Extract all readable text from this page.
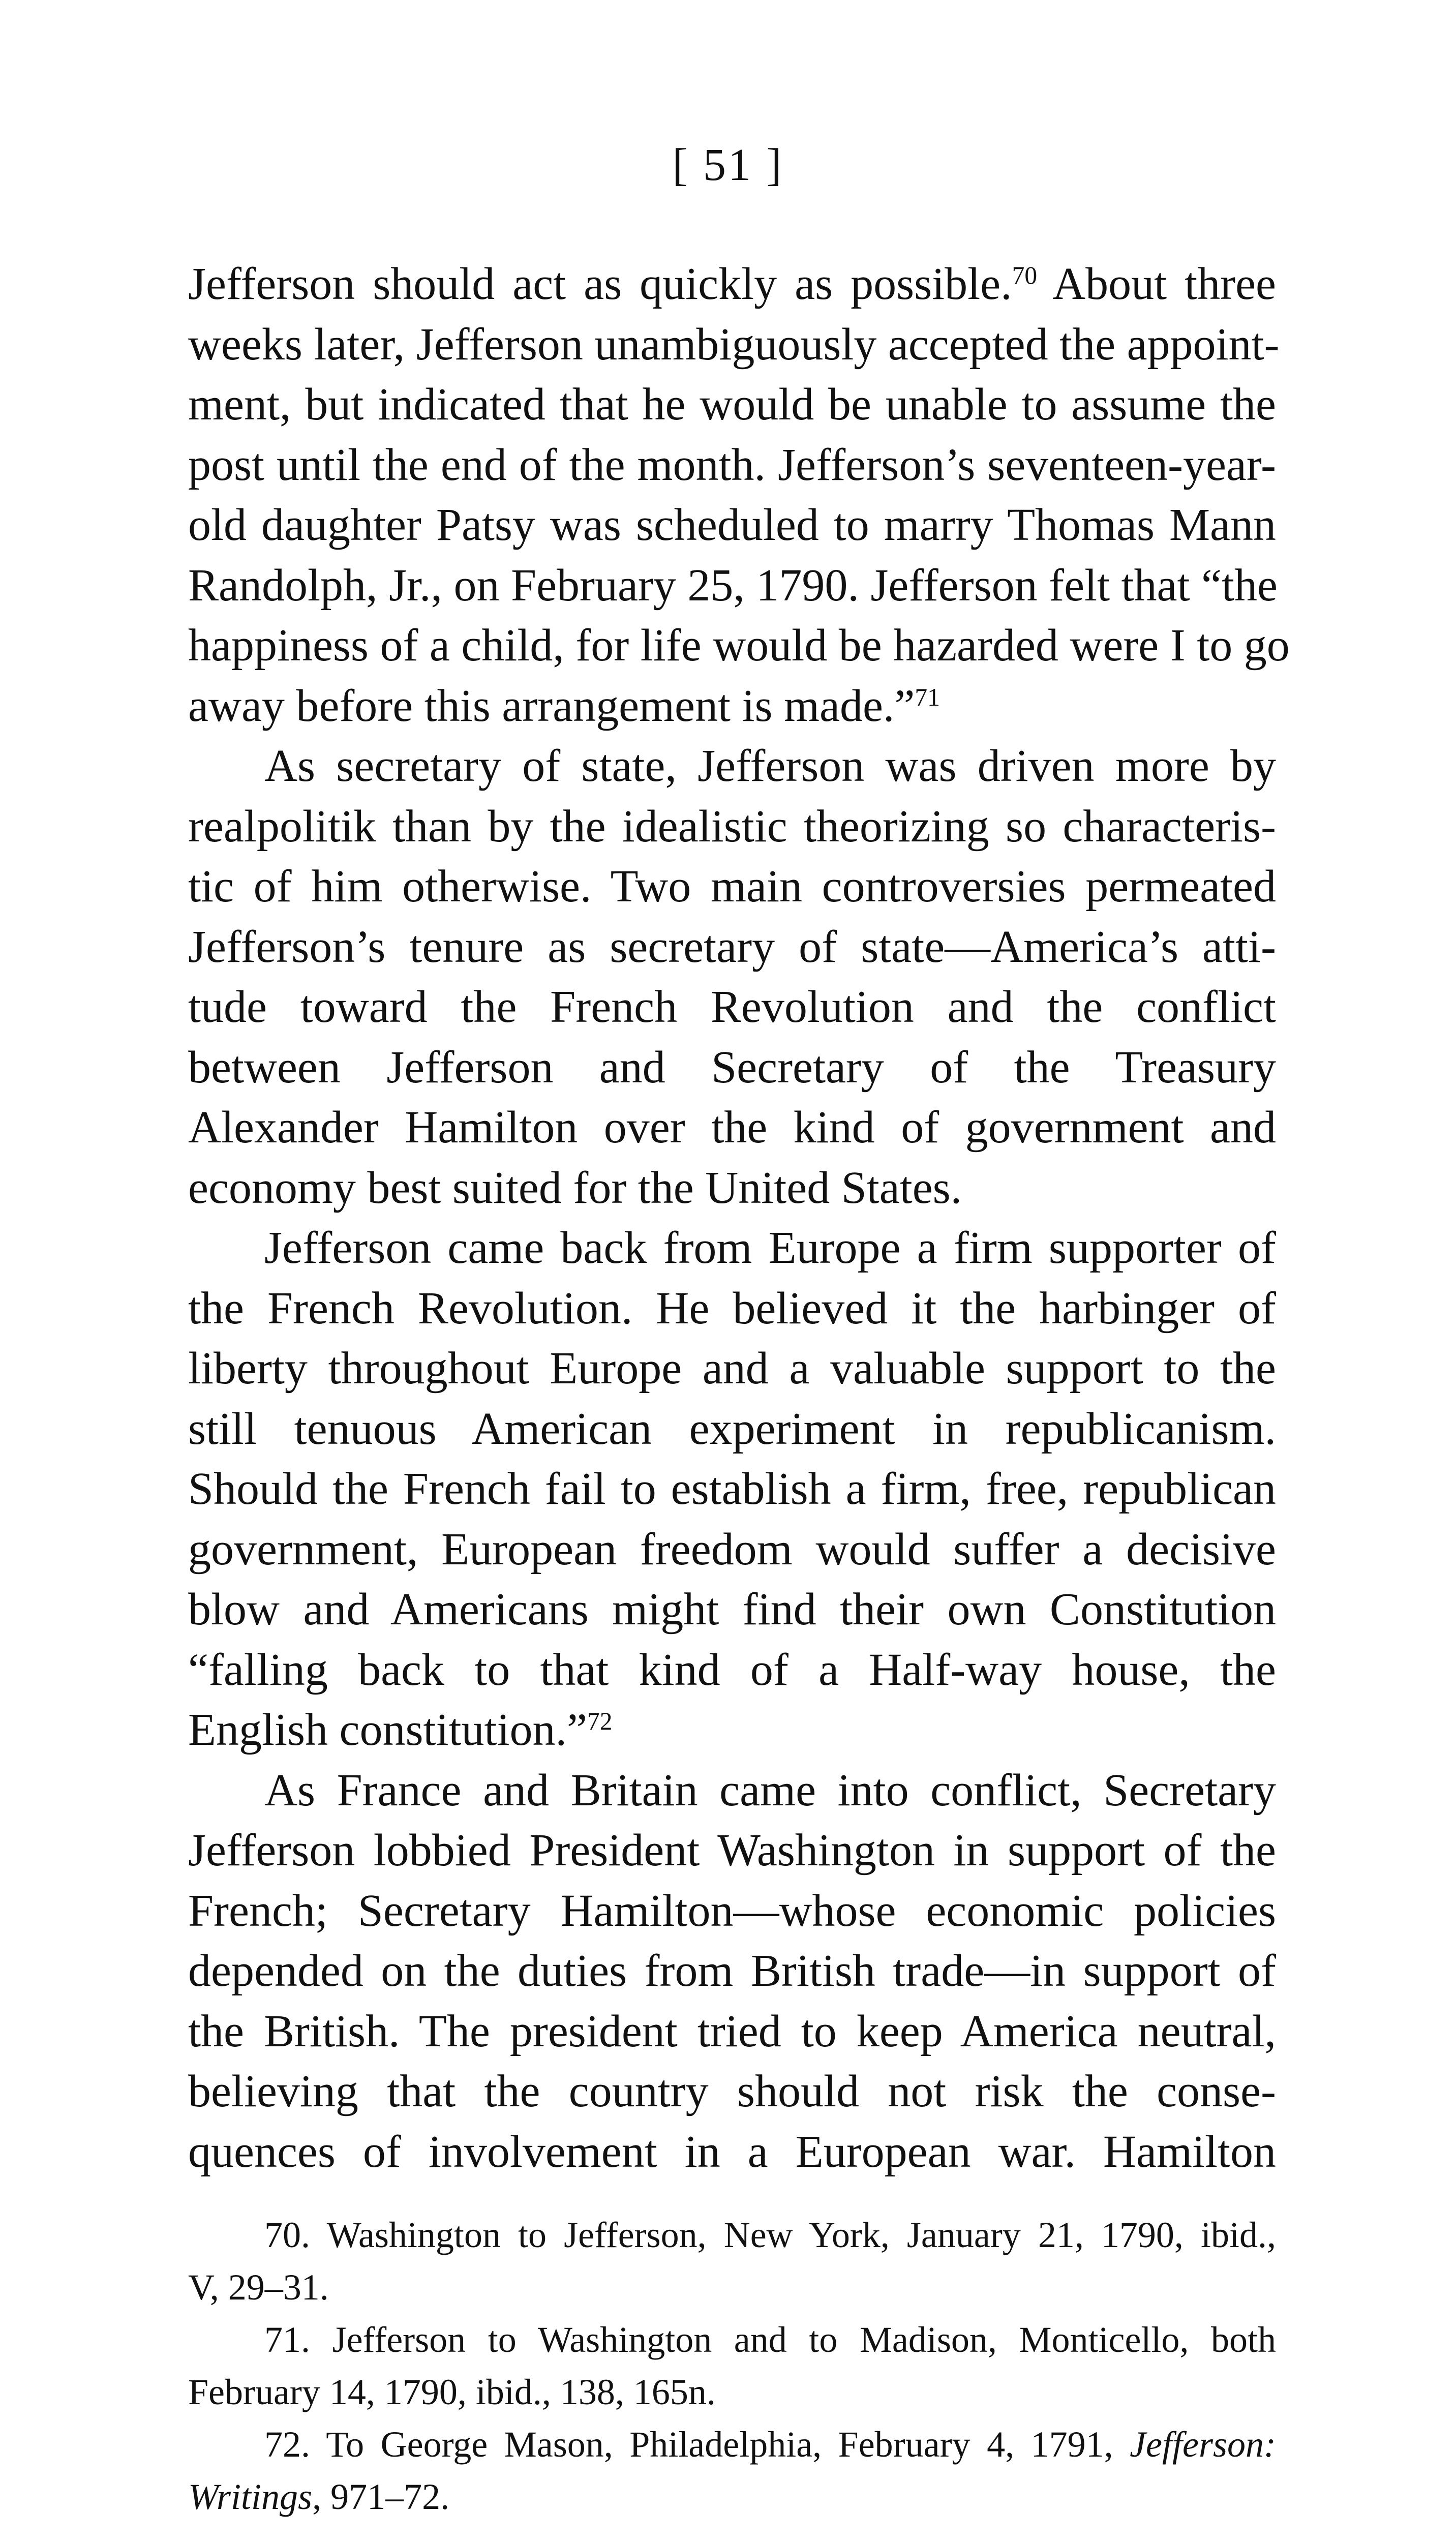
[ 51 ]
Jefferson should act as quickly as possible.$^{70}$ About three
weeks later, Jefferson unambiguously accepted the appoint-
ment, but indicated that he would be unable to assume the
post until the end of the month. Jefferson’s seventeen-year-
old daughter Patsy was scheduled to marry Thomas Mann
Randolph, Jr., on February 25, 1790. Jefferson felt that “the
happiness of a child, for life would be hazarded were I to go
away before this arrangement is made.”$^{71}$
As secretary of state, Jefferson was driven more by
realpolitik than by the idealistic theorizing so characteris-
tic of him otherwise. Two main controversies permeated
Jefferson’s tenure as secretary of state—America’s atti-
tude toward the French Revolution and the conflict
between Jefferson and Secretary of the Treasury
Alexander Hamilton over the kind of government and
economy best suited for the United States.
Jefferson came back from Europe a firm supporter of
the French Revolution. He believed it the harbinger of
liberty throughout Europe and a valuable support to the
still tenuous American experiment in republicanism.
Should the French fail to establish a firm, free, republican
government, European freedom would suffer a decisive
blow and Americans might find their own Constitution
“falling back to that kind of a Half-way house, the
English constitution.”$^{72}$
As France and Britain came into conflict, Secretary
Jefferson lobbied President Washington in support of the
French; Secretary Hamilton—whose economic policies
depended on the duties from British trade—in support of
the British. The president tried to keep America neutral,
believing that the country should not risk the conse-
quences of involvement in a European war. Hamilton
70. Washington to Jefferson, New York, January 21, 1790, ibid.,
V, 29–31.
71. Jefferson to Washington and to Madison, Monticello, both
February 14, 1790, ibid., 138, 165n.
72. To George Mason, Philadelphia, February 4, 1791, Jefferson:
Writings, 971–72.
